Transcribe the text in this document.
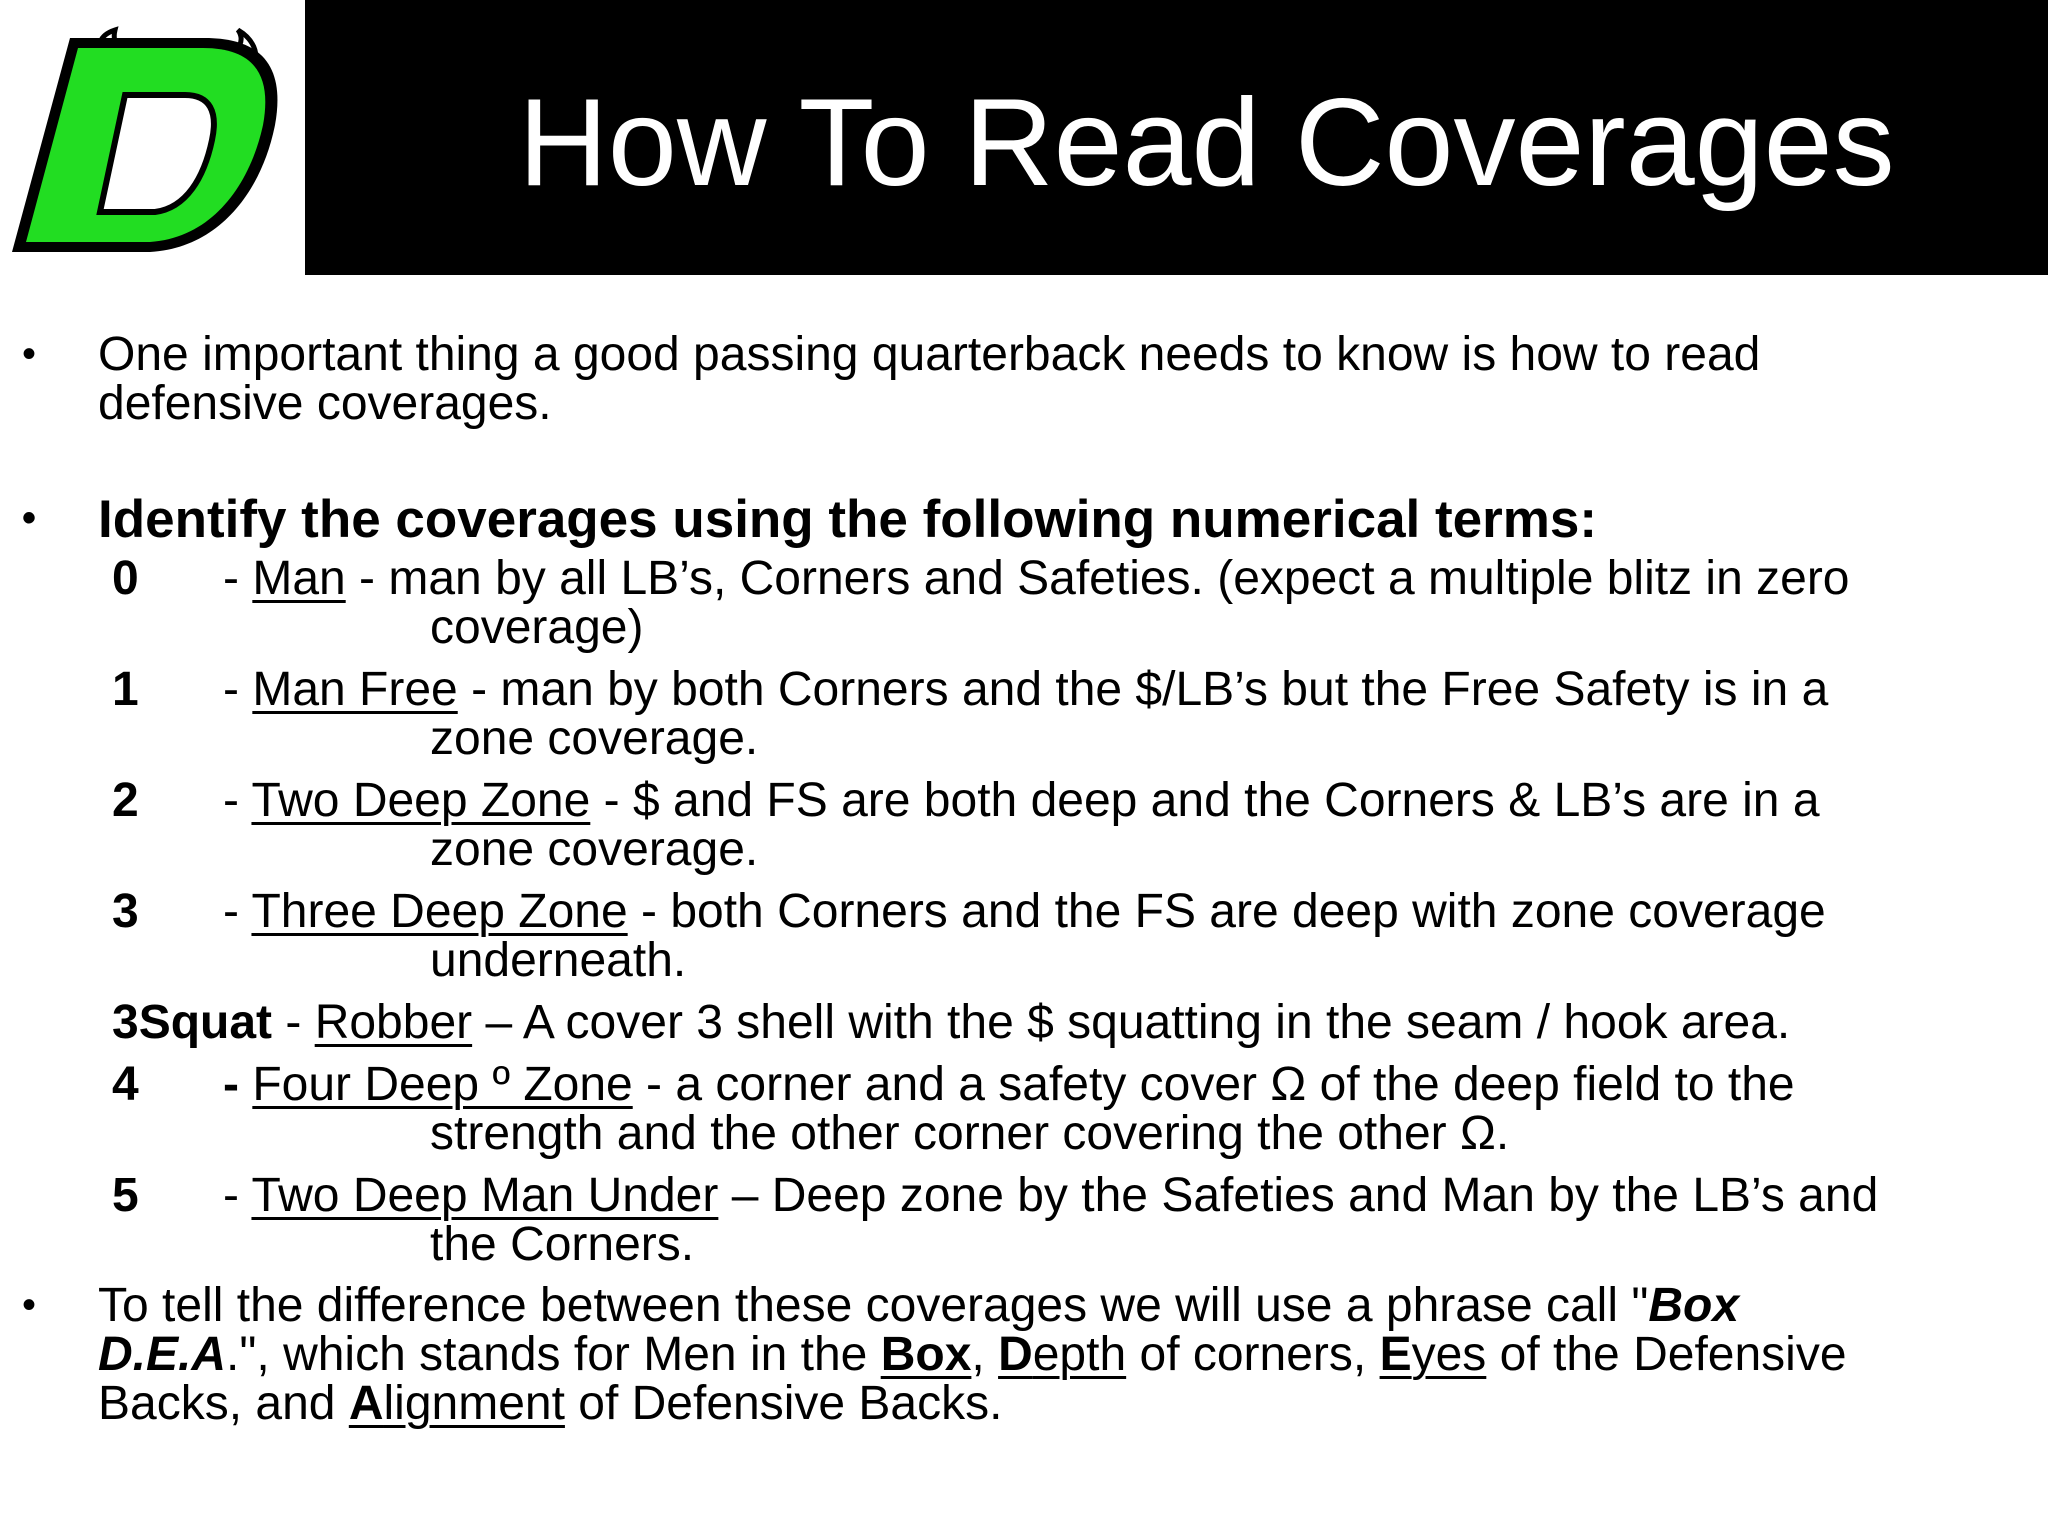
How To Read Coverages
• One important thing a good passing quarterback needs to know is how to read
defensive coverages.
• Identify the coverages using the following numerical terms:
0	- Man - man by all LB’s, Corners and Safeties. (expect a multiple blitz in zero
coverage)
1	- Man Free - man by both Corners and the $/LB’s but the Free Safety is in a
zone coverage.
2	- Two Deep Zone - $ and FS are both deep and the Corners & LB’s are in a
zone coverage.
3	- Three Deep Zone - both Corners and the FS are deep with zone coverage
underneath.
3Squat - Robber – A cover 3 shell with the $ squatting in the seam / hook area.
4	- Four Deep º Zone - a corner and a safety cover Ω of the deep field to the
strength and the other corner covering the other Ω.
5	- Two Deep Man Under – Deep zone by the Safeties and Man by the LB’s and
the Corners.
• To tell the difference between these coverages we will use a phrase call "Box
D.E.A.", which stands for Men in the Box, Depth of corners, Eyes of the Defensive
Backs, and Alignment of Defensive Backs.
